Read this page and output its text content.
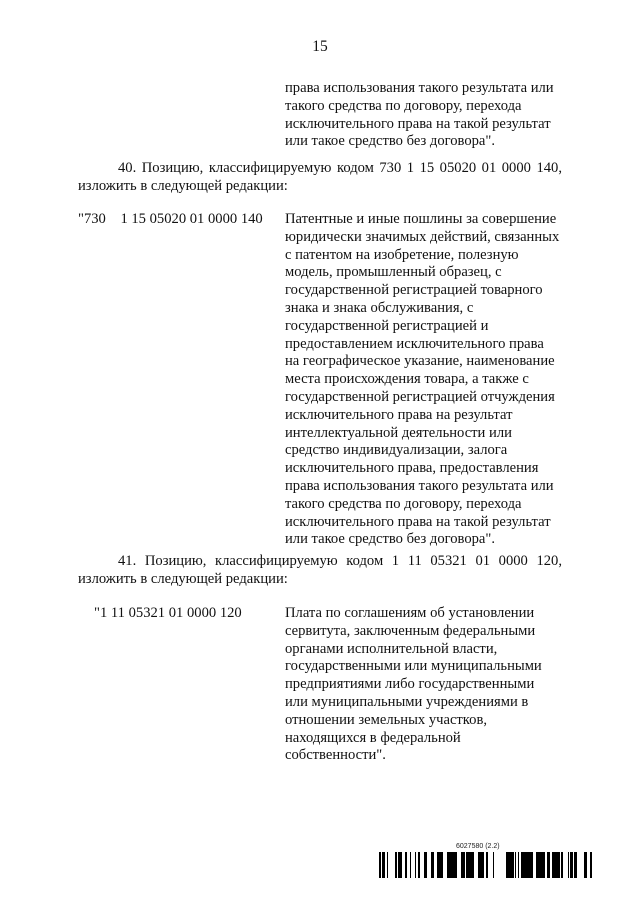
15
права использования такого результата или
такого средства по договору, перехода
исключительного права на такой результат
или такое средство без договора".
40. Позицию, классифицируемую кодом 730 1 15 05020 01 0000 140,
изложить в следующей редакции:
"730    1 15 05020 01 0000 140 Патентные и иные пошлины за совершение
юридически значимых действий, связанных
с патентом на изобретение, полезную
модель, промышленный образец, с
государственной регистрацией товарного
знака и знака обслуживания, с
государственной регистрацией и
предоставлением исключительного права
на географическое указание, наименование
места происхождения товара, а также с
государственной регистрацией отчуждения
исключительного права на результат
интеллектуальной деятельности или
средство индивидуализации, залога
исключительного права, предоставления
права использования такого результата или
такого средства по договору, перехода
исключительного права на такой результат
или такое средство без договора".
41. Позицию, классифицируемую кодом 1 11 05321 01 0000 120,
изложить в следующей редакции:
"1 11 05321 01 0000 120	Плата по соглашениям об установлении
сервитута, заключенным федеральными
органами исполнительной власти,
государственными или муниципальными
предприятиями либо государственными
или муниципальными учреждениями в
отношении земельных участков,
находящихся в федеральной
собственности".
6027580 (2.2)
